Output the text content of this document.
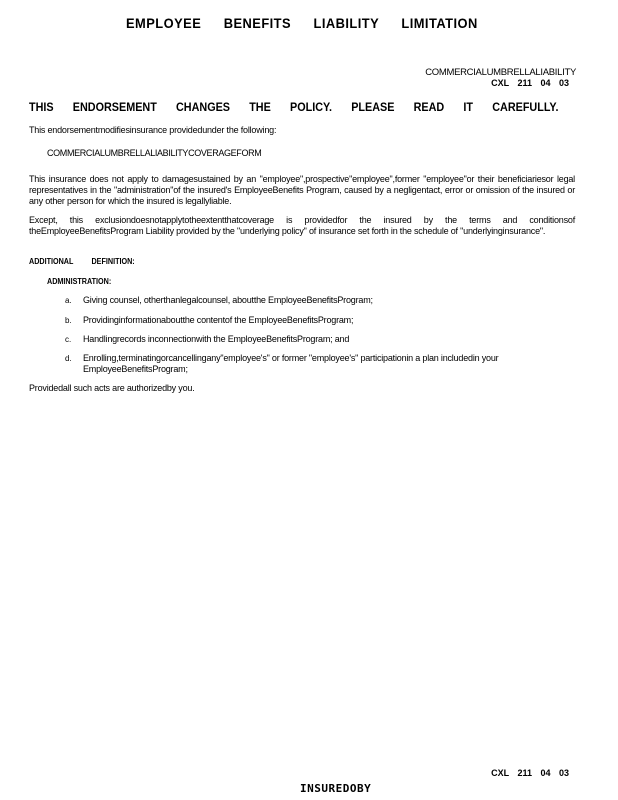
EMPLOYEE BENEFITS LIABILITY LIMITATION
COMMERCIALUMBRELLALIABILITY
CXL 211 04 03
THIS ENDORSEMENT CHANGES THE POLICY. PLEASE READ IT CAREFULLY.
This endorsementmodifiesinsurance providedunder the following:
COMMERCIALUMBRELLALIABILITYCOVERAGEFORM
This insurance does not apply to damagesustained by an "employee",prospective"employee",former "employee"or their beneficiariesor legal representatives in the "administration"of the insured's EmployeeBenefits Program, caused by a negligentact, error or omission of the insured or any other person for which the insured is legallyliable.
Except, this exclusiondoesnotapplytotheextentthatcoverage is providedfor the insured by the terms and conditionsof theEmployeeBenefitsProgram Liability provided by the "underlying policy" of insurance set forth in the schedule of "underlyinginsurance".
ADDITIONAL DEFINITION:
ADMINISTRATION:
a. Giving counsel, otherthanlegalcounsel, aboutthe EmployeeBenefitsProgram;
b. Providinginformationaboutthe contentof the EmployeeBenefitsProgram;
c. Handlingrecords inconnectionwith the EmployeeBenefitsProgram; and
d. Enrolling,terminatingorcancellingany"employee's" or former "employee's" participationin a plan includedin your EmployeeBenefitsProgram;
Providedall such acts are authorizedby you.
CXL 211 04 03
INSUREDOBY
